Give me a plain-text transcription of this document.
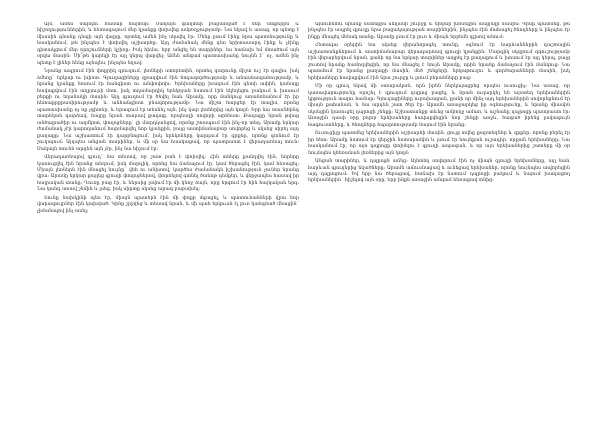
Այն, ամեն մարդու համար հայտնի: Սակայն գաղտնի բացառված է մեր մտքերին և հիշողություններին, և հետագայում մեր կյանքը փոխվեց ամբողջությամբ: Նա եկավ և ասաց, որ պետք է միասին գնանք դեպի այն վայրը, որտեղ ամեն ինչ սկսվել էր: Մենք լսում էինք նրա պատմությունը և հասկանում, թե ինչպես է փոխվել աշխարհը: Այդ ժամանակ մենք դեռ երիտասարդ էինք և չէինք գիտակցում մեր որոշումների կշիռը: Իսկ հիմա, երբ անցել են տարիներ, ես հաճախ եմ մտածում այն օրվա մասին: Մի՞թե կարելի էր այլ կերպ վարվել: Ամեն անգամ պատասխանը նույնն է` ոչ, ամեն ինչ պետք է լիներ հենց այնպես, ինչպես եղավ:

Նրանք ապրում էին փոքրիկ գյուղում, լեռների ստորոտին, որտեղ գարունը միշտ ուշ էր գալիս, իսկ ձմեռը` երկար ու խիստ: Գյուղացիները զբաղվում էին հողագործությամբ և անասնապահությամբ, և նրանց կյանքը հոսում էր հանգիստ ու անփոփոխ: Երեխաները խաղում էին գետի ափին, կանայք հավաքվում էին աղբյուրի մոտ, իսկ տղամարդիկ երեկոյան նստում էին եկեղեցու բակում և խոսում բերքի ու եղանակի մասին: Այդ գյուղում էր ծնվել նաև Արամը, որը մանկուց առանձնանում էր իր հետաքրքրասիրությամբ և անհանգիստ բնավորությամբ: Նա միշտ հարցեր էր տալիս, որոնց պատասխանը ոչ ոք չգիտեր, և երազում էր տեսնել այն, ինչ կար լեռներից այն կողմ: Երբ նա տասնհինգ տարեկան դարձավ, հայրը նրան տարավ քաղաք, որպեսզի սովորի արհեստ: Քաղաքը նրան թվաց անծայրածիր ու աղմկոտ, փողոցները` լի մարդկանցով, որոնք շտապում էին ինչ-որ տեղ: Արամը երկար ժամանակ չէր կարողանում հարմարվել նոր կյանքին, բայց աստիճանաբար սովորեց և սկսեց սիրել այդ քաղաքը: Նա աշխատում էր դարբնոցում, իսկ երեկոները կարդում էր գրքեր, որոնք գտնում էր շուկայում: Այդպես անցան տարիներ, և մի օր նա հասկացավ, որ պատրաստ է վերադառնալ տուն: Սակայն տունն արդեն այն չէր, ինչ նա հիշում էր:

Վերադառնալով գյուղ` նա տեսավ, որ շատ բան է փոխվել: Հին տները քանդվել էին, նորերը կառուցվել էին նրանց տեղում, իսկ մարդիկ, որոնց նա ճանաչում էր, կամ ծերացել էին, կամ հեռացել: Միայն լեռներն էին մնացել նույնը` վեհ ու անխռով, կարծես ժամանակն իշխանություն չուներ նրանց վրա: Արամը երկար քայլեց գյուղի փողոցներով, փորձելով գտնել ծանոթ դեմքեր, և վերջապես հասավ իր հայրական տանը: Դուռը բաց էր, և ներսից լսվում էր մի կնոջ ձայն, որը երգում էր հին հայկական երգ: Նա կանգ առավ շեմին և լսեց, իսկ սիրտը սկսեց արագ բաբախել:

Տունը նախկինի պես էր, միայն պատերն էին մի փոքր մգացել, և պատուհանների վրա նոր վարագույրներ էին կախված: Կինը շրջվեց և տեսավ նրան, և մի պահ երկուսն էլ լուռ կանգնած մնացին` չիմանալով ինչ ասել:

Այնուհետև նրանք նստեցին սեղանի շուրջը և երկար խոսեցին անցյալի մասին: Կինը պատմեց, թե ինչպես էր ապրել գյուղը նրա բացակայության տարիներին, ինչպես էին մահացել ծնողները և ինչպես էր ինքը մնացել մենակ տանը: Արամը լսում էր լուռ և միայն երբեմն գլխով անում:

Հետագա օրերին նա սկսեց վերանորոգել տունը, օգնում էր հարևաններին դաշտային աշխատանքներում և աստիճանաբար վերադարձավ գյուղի կյանքին: Մարդիկ սկզբում զգուշությամբ էին վերաբերվում նրան, քանի որ նա երկար տարիներ ապրել էր քաղաքում և խոսում էր այլ կերպ, բայց շուտով նրանք համոզվեցին, որ նա մնացել է նույն Արամը, որին նրանք ճանաչում էին մանկուց: Նա պատմում էր նրանց քաղաքի մասին, մեծ շենքերի, երկաթուղու և գործարանների մասին, իսկ երեխաները հավաքվում էին նրա շուրջը և լսում բերանները բաց:

Մի օր գյուղ եկավ մի օտարական, որն իրեն ներկայացրեց որպես ուսուցիչ: Նա ասաց, որ կառավարությունը որոշել է գյուղում դպրոց բացել, և նրան ուղարկել են այստեղ երեխաներին կրթություն տալու համար: Գյուղացիները ուրախացան, քանի որ մինչ այդ երեխաներին սովորեցնում էր միայն քահանան, և նա արդեն շատ ծեր էր: Արամն առաջարկեց իր օգնությունը, և նրանք միասին սկսեցին կառուցել դպրոցի շենքը: Աշխատանքը տևեց ամբողջ ամառ, և աշնանը դպրոցը պատրաստ էր: Առաջին դասի օրը բոլոր երեխաները հավաքվեցին նոր շենքի առջև, հագած իրենց լավագույն հագուստները, և ծնողները հպարտությամբ նայում էին նրանց:

Ուսուցիչը պատմեց երեխաներին աշխարհի մասին, ցույց տվեց քարտեզներ և գրքեր, որոնք բերել էր իր հետ: Արամը նստում էր վերջին նստարանին և լսում էր նույնքան ուշադիր, որքան երեխաները: Նա հասկանում էր, որ այս դպրոցը փոխելու է գյուղի ապագան, և որ այս երեխաներից շատերը մի օր նույնպես կհեռանան լեռներից այն կողմ:

Անցան տարիներ, և դպրոցն աճեց: Այնտեղ սովորում էին ոչ միայն գյուղի երեխաները, այլ նաև հարևան գյուղերից եկածները: Արամն ամուսնացավ և ունեցավ երեխաներ, որոնք նույնպես սովորեցին այդ դպրոցում: Եվ երբ նա ծերացավ, հաճախ էր նստում դպրոցի բակում և նայում խաղացող երեխաներին` հիշելով այն օրը, երբ ինքն առաջին անգամ հեռացավ տնից:
